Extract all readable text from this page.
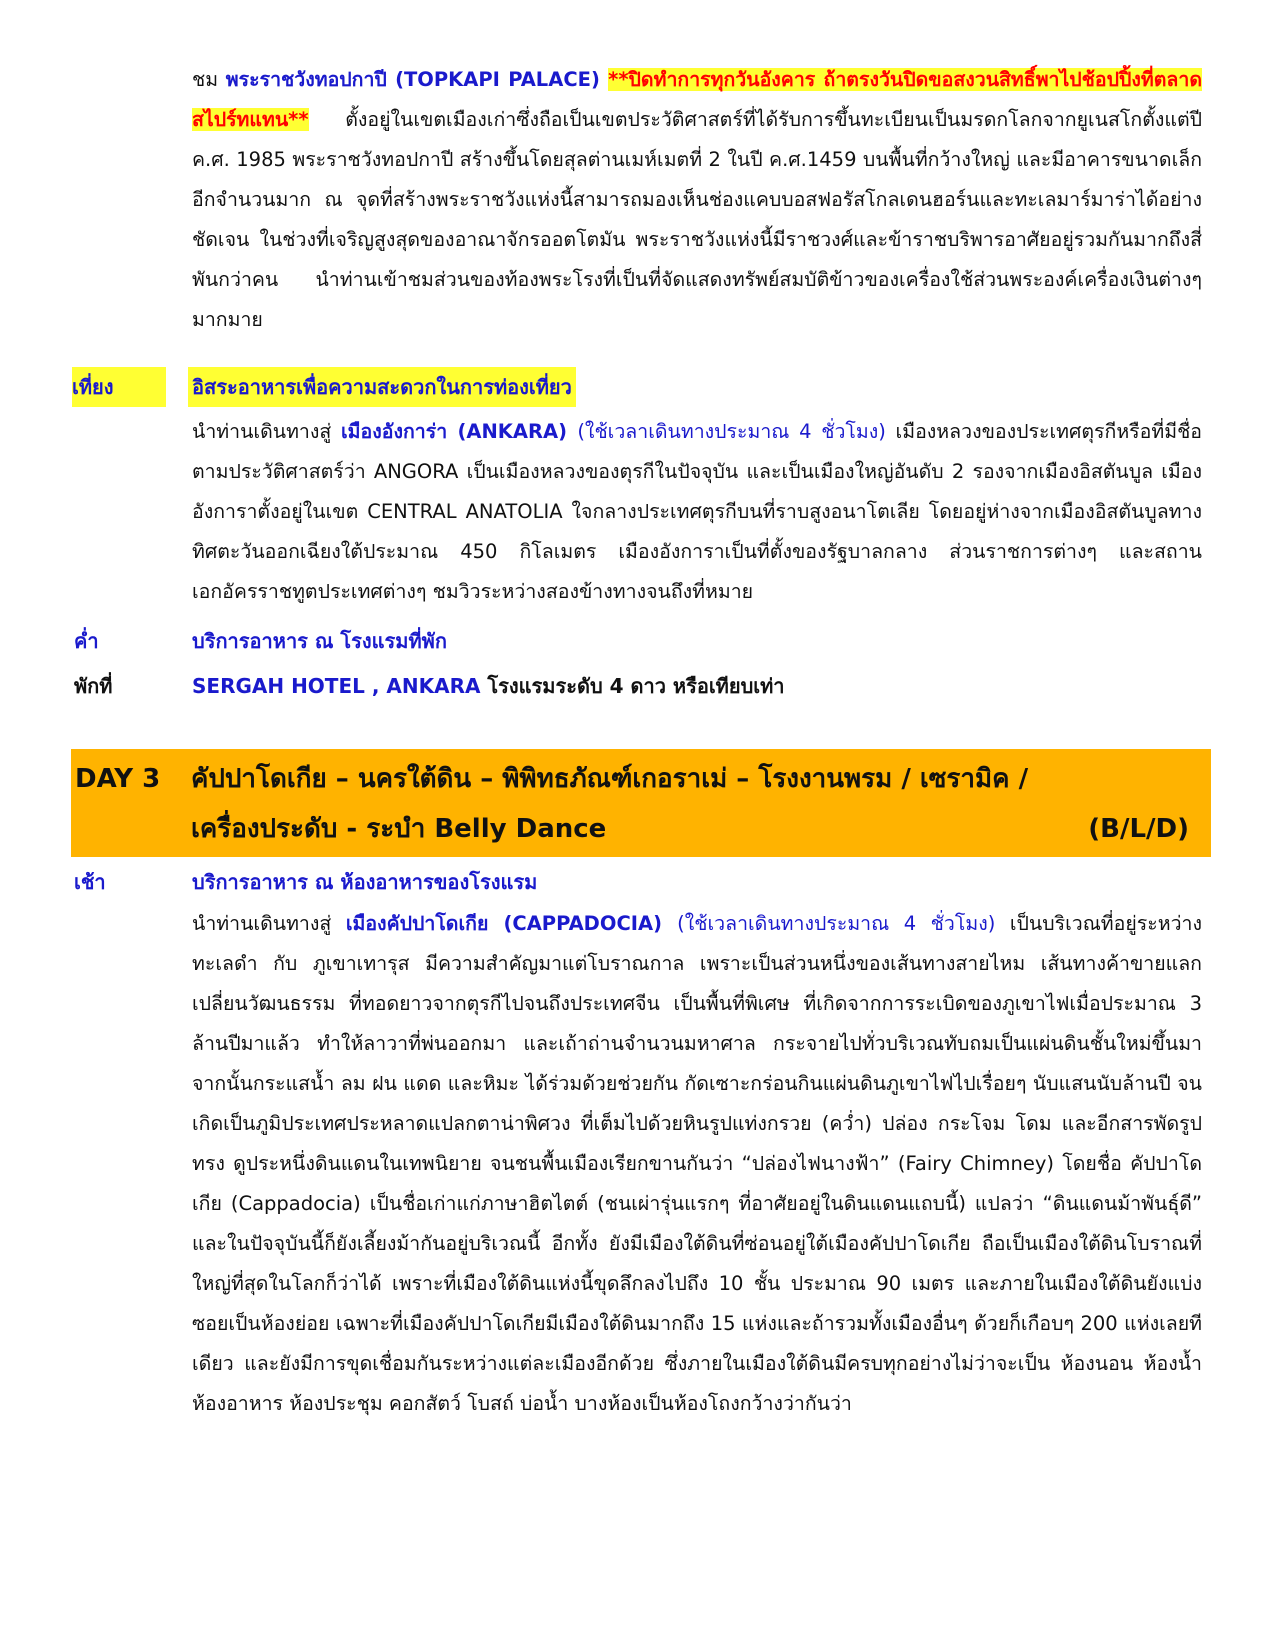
ชม พระราชวังทอปกาปี (TOPKAPI PALACE) **ปิดทำการทุกวันอังคาร ถ้าตรงวันปิดขอสงวนสิทธิ์พาไปช้อปปิ้งที่ตลาดสไปร์ทแทน** ตั้งอยู่ในเขตเมืองเก่าซึ่งถือเป็นเขตประวัติศาสตร์ที่ได้รับการขึ้นทะเบียนเป็นมรดกโลกจากยูเนสโกตั้งแต่ปี ค.ศ. 1985 พระราชวังทอปกาปี สร้างขึ้นโดยสุลต่านเมห์เมตที่ 2 ในปี ค.ศ.1459 บนพื้นที่กว้างใหญ่ และมีอาคารขนาดเล็กอีกจำนวนมาก ณ จุดที่สร้างพระราชวังแห่งนี้สามารถมองเห็นช่องแคบบอสฟอรัสโกลเดนฮอร์นและทะเลมาร์มาร่าได้อย่างชัดเจน ในช่วงที่เจริญสูงสุดของอาณาจักรออตโตมัน พระราชวังแห่งนี้มีราชวงศ์และข้าราชบริพารอาศัยอยู่รวมกันมากถึงสี่พันกว่าคน นำท่านเข้าชมส่วนของท้องพระโรงที่เป็นที่จัดแสดงทรัพย์สมบัติข้าวของเครื่องใช้ส่วนพระองค์เครื่องเงินต่างๆ มากมาย

เที่ยง	อิสระอาหารเพื่อความสะดวกในการท่องเที่ยว

นำท่านเดินทางสู่ เมืองอังการ่า (ANKARA) (ใช้เวลาเดินทางประมาณ 4 ชั่วโมง) เมืองหลวงของประเทศตุรกีหรือที่มีชื่อตามประวัติศาสตร์ว่า ANGORA เป็นเมืองหลวงของตุรกีในปัจจุบัน และเป็นเมืองใหญ่อันดับ 2 รองจากเมืองอิสตันบูล เมืองอังการาตั้งอยู่ในเขต CENTRAL ANATOLIA ใจกลางประเทศตุรกีบนที่ราบสูงอนาโตเลีย โดยอยู่ห่างจากเมืองอิสตันบูลทางทิศตะวันออกเฉียงใต้ประมาณ 450 กิโลเมตร เมืองอังการาเป็นที่ตั้งของรัฐบาลกลาง ส่วนราชการต่างๆ และสถานเอกอัครราชทูตประเทศต่างๆ ชมวิวระหว่างสองข้างทางจนถึงที่หมาย

ค่ำ	บริการอาหาร ณ โรงแรมที่พัก
พักที่	SERGAH HOTEL , ANKARA โรงแรมระดับ 4 ดาว หรือเทียบเท่า
DAY 3 คัปปาโดเกีย – นครใต้ดิน – พิพิทธภัณฑ์เกอราเม่ – โรงงานพรม / เซรามิค /
เครื่องประดับ - ระบำ Belly Dance	(B/L/D)
เช้า	บริการอาหาร ณ ห้องอาหารของโรงแรม

นำท่านเดินทางสู่ เมืองคัปปาโดเกีย (CAPPADOCIA) (ใช้เวลาเดินทางประมาณ 4 ชั่วโมง) เป็นบริเวณที่อยู่ระหว่าง ทะเลดำ กับ ภูเขาเทารุส มีความสำคัญมาแต่โบราณกาล เพราะเป็นส่วนหนึ่งของเส้นทางสายไหม เส้นทางค้าขายแลกเปลี่ยนวัฒนธรรม ที่ทอดยาวจากตุรกีไปจนถึงประเทศจีน เป็นพื้นที่พิเศษ ที่เกิดจากการระเบิดของภูเขาไฟเมื่อประมาณ 3 ล้านปีมาแล้ว ทำให้ลาวาที่พ่นออกมา และเถ้าถ่านจำนวนมหาศาล กระจายไปทั่วบริเวณทับถมเป็นแผ่นดินชั้นใหม่ขึ้นมาจากนั้นกระแสน้ำ ลม ฝน แดด และหิมะ ได้ร่วมด้วยช่วยกัน กัดเซาะกร่อนกินแผ่นดินภูเขาไฟไปเรื่อยๆ นับแสนนับล้านปี จนเกิดเป็นภูมิประเทศประหลาดแปลกตาน่าพิศวง ที่เต็มไปด้วยหินรูปแท่งกรวย (คว่ำ) ปล่อง กระโจม โดม และอีกสารพัดรูปทรง ดูประหนึ่งดินแดนในเทพนิยาย จนชนพื้นเมืองเรียกขานกันว่า “ปล่องไฟนางฟ้า” (Fairy Chimney) โดยชื่อ คัปปาโดเกีย (Cappadocia) เป็นชื่อเก่าแก่ภาษาฮิตไตต์ (ชนเผ่ารุ่นแรกๆ ที่อาศัยอยู่ในดินแดนแถบนี้) แปลว่า “ดินแดนม้าพันธุ์ดี” และในปัจจุบันนี้ก็ยังเลี้ยงม้ากันอยู่บริเวณนี้ อีกทั้ง ยังมีเมืองใต้ดินที่ซ่อนอยู่ใต้เมืองคัปปาโดเกีย ถือเป็นเมืองใต้ดินโบราณที่ใหญ่ที่สุดในโลกก็ว่าได้ เพราะที่เมืองใต้ดินแห่งนี้ขุดลึกลงไปถึง 10 ชั้น ประมาณ 90 เมตร และภายในเมืองใต้ดินยังแบ่งซอยเป็นห้องย่อย เฉพาะที่เมืองคัปปาโดเกียมีเมืองใต้ดินมากถึง 15 แห่งและถ้ารวมทั้งเมืองอื่นๆ ด้วยก็เกือบๆ 200 แห่งเลยทีเดียว และยังมีการขุดเชื่อมกันระหว่างแต่ละเมืองอีกด้วย ซึ่งภายในเมืองใต้ดินมีครบทุกอย่างไม่ว่าจะเป็น ห้องนอน ห้องน้ำ ห้องอาหาร ห้องประชุม คอกสัตว์ โบสถ์ บ่อน้ำ บางห้องเป็นห้องโถงกว้างว่ากันว่า
